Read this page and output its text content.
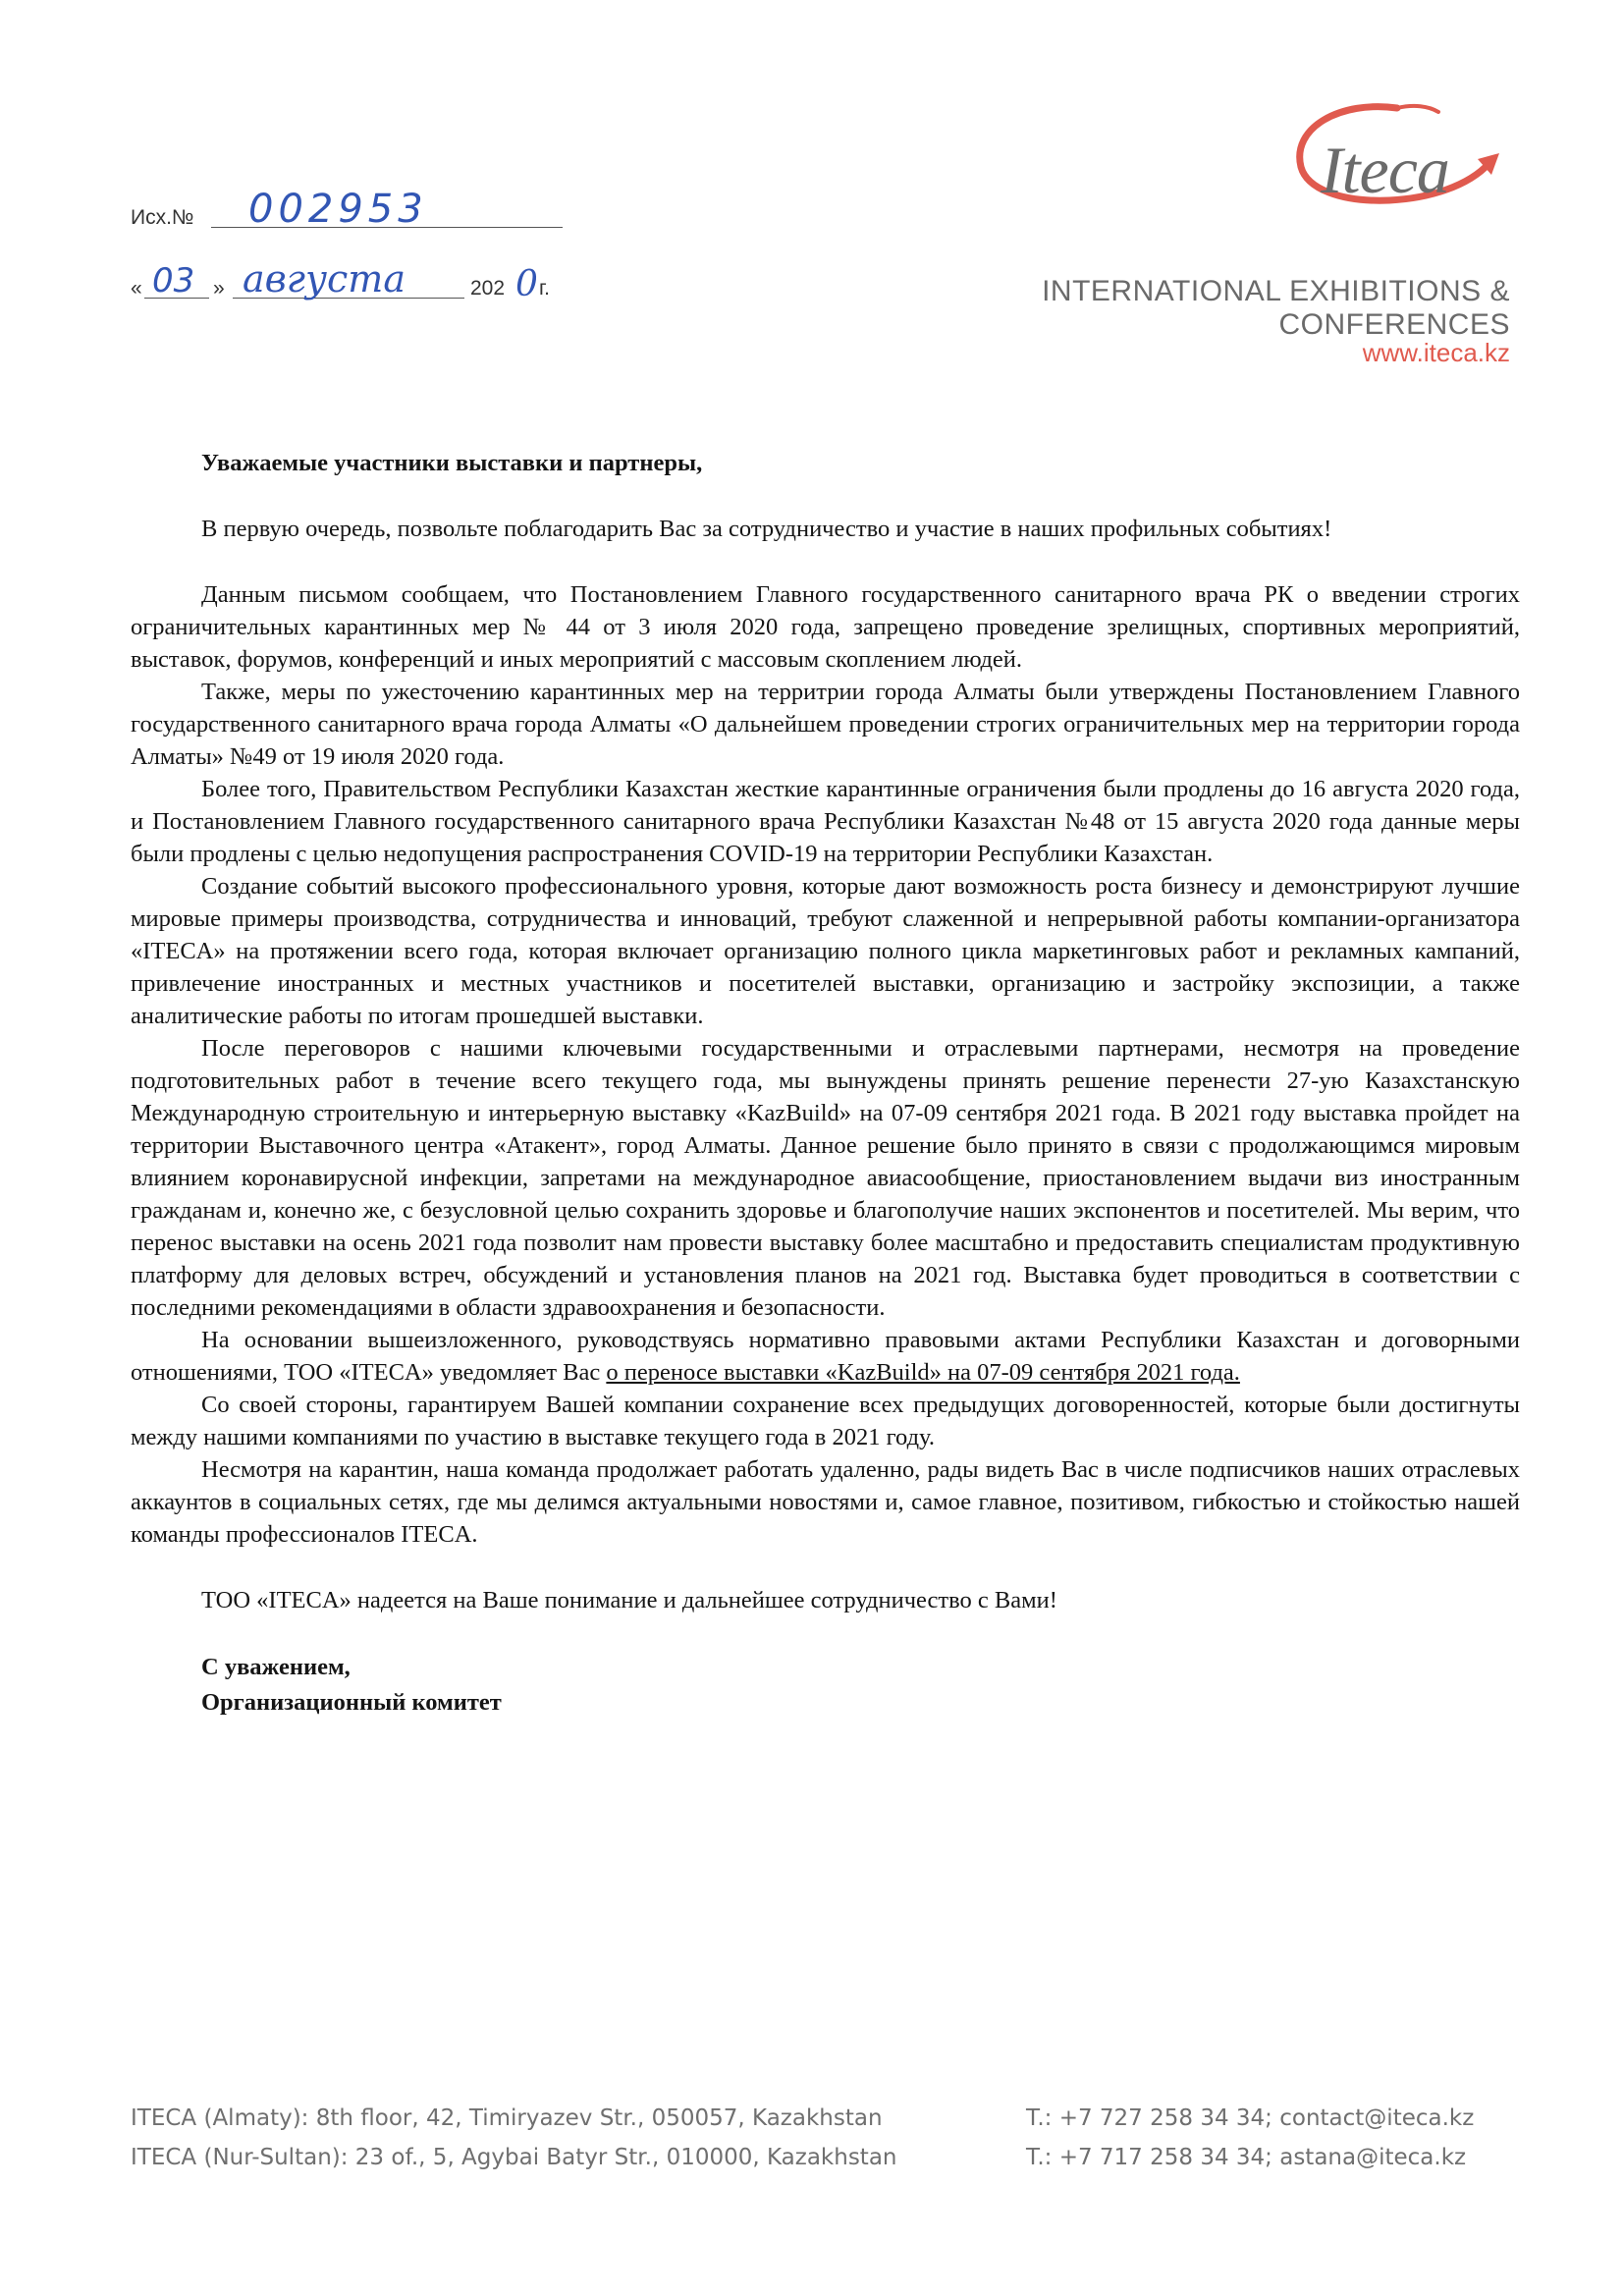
Исх.№ 002953
« 03 » августа	202 0 г.
Iteca
INTERNATIONAL EXHIBITIONS & CONFERENCES
www.iteca.kz

Уважаемые участники выставки и партнеры,

В первую очередь, позвольте поблагодарить Вас за сотрудничество и участие в наших профильных событиях!

Данным письмом сообщаем, что Постановлением Главного государственного санитарного врача РК о введении строгих ограничительных карантинных мер № 44 от 3 июля 2020 года, запрещено проведение зрелищных, спортивных мероприятий, выставок, форумов, конференций и иных мероприятий с массовым скоплением людей.

Также, меры по ужесточению карантинных мер на территрии города Алматы были утверждены Постановлением Главного государственного санитарного врача города Алматы «О дальнейшем проведении строгих ограничительных мер на территории города Алматы» №49 от 19 июля 2020 года.

Более того, Правительством Республики Казахстан жесткие карантинные ограничения были продлены до 16 августа 2020 года, и Постановлением Главного государственного санитарного врача Республики Казахстан №48 от 15 августа 2020 года данные меры были продлены с целью недопущения распространения COVID-19 на территории Республики Казахстан.

Создание событий высокого профессионального уровня, которые дают возможность роста бизнесу и демонстрируют лучшие мировые примеры производства, сотрудничества и инноваций, требуют слаженной и непрерывной работы компании-организатора «ITECA» на протяжении всего года, которая включает организацию полного цикла маркетинговых работ и рекламных кампаний, привлечение иностранных и местных участников и посетителей выставки, организацию и застройку экспозиции, а также аналитические работы по итогам прошедшей выставки.

После переговоров с нашими ключевыми государственными и отраслевыми партнерами, несмотря на проведение подготовительных работ в течение всего текущего года, мы вынуждены принять решение перенести 27-ую Казахстанскую Международную строительную и интерьерную выставку «KazBuild» на 07-09 сентября 2021 года. В 2021 году выставка пройдет на территории Выставочного центра «Атакент», город Алматы. Данное решение было принято в связи с продолжающимся мировым влиянием коронавирусной инфекции, запретами на международное авиасообщение, приостановлением выдачи виз иностранным гражданам и, конечно же, с безусловной целью сохранить здоровье и благополучие наших экспонентов и посетителей. Мы верим, что перенос выставки на осень 2021 года позволит нам провести выставку более масштабно и предоставить специалистам продуктивную платформу для деловых встреч, обсуждений и установления планов на 2021 год. Выставка будет проводиться в соответствии с последними рекомендациями в области здравоохранения и безопасности.

На основании вышеизложенного, руководствуясь нормативно правовыми актами Республики Казахстан и договорными отношениями, ТОО «ITECA» уведомляет Вас о переносе выставки «KazBuild» на 07-09 сентября 2021 года.

Со своей стороны, гарантируем Вашей компании сохранение всех предыдущих договоренностей, которые были достигнуты между нашими компаниями по участию в выставке текущего года в 2021 году.

Несмотря на карантин, наша команда продолжает работать удаленно, рады видеть Вас в числе подписчиков наших отраслевых аккаунтов в социальных сетях, где мы делимся актуальными новостями и, самое главное, позитивом, гибкостью и стойкостью нашей команды профессионалов ITECA.

ТОО «ITECA» надеется на Ваше понимание и дальнейшее сотрудничество с Вами!

С уважением,

Организационный комитет

ITECA (Almaty): 8th floor, 42, Timiryazev Str., 050057, Kazakhstan	T.: +7 727 258 34 34; contact@iteca.kz
ITECA (Nur-Sultan): 23 of., 5, Agybai Batyr Str., 010000, Kazakhstan	T.: +7 717 258 34 34; astana@iteca.kz
